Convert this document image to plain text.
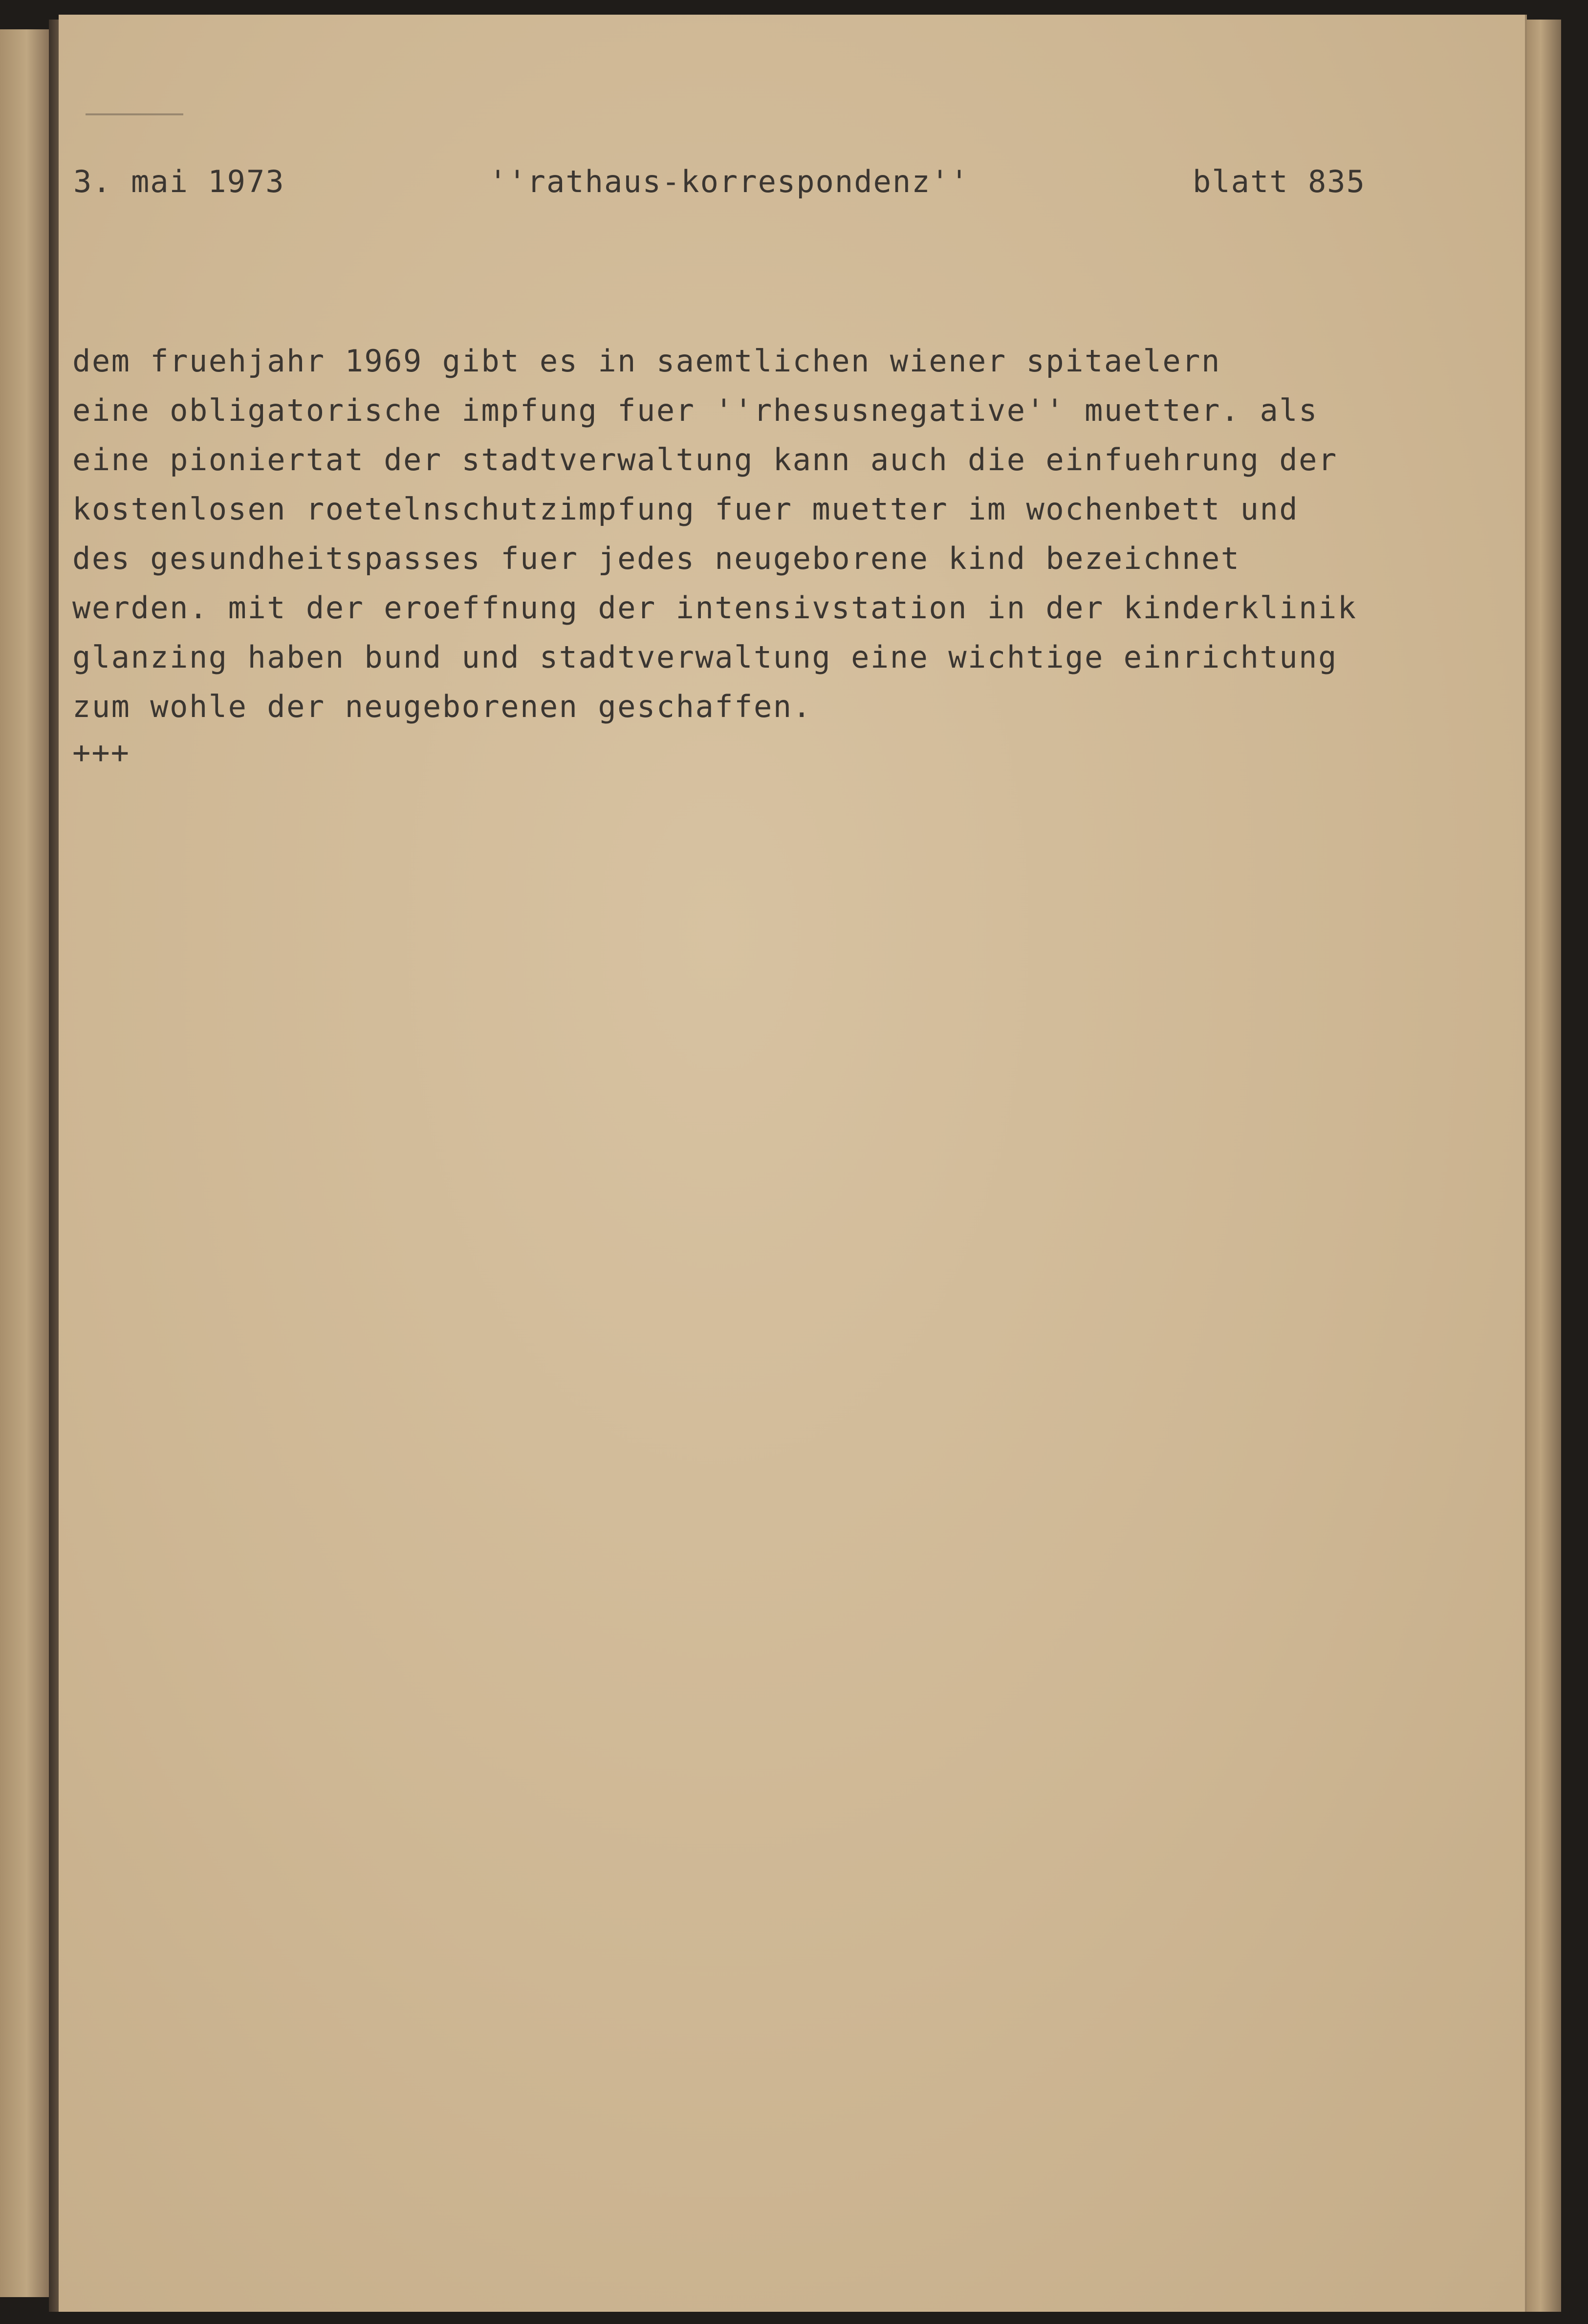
3. mai 1973	''rathaus-korrespondenz''	blatt 835
dem fruehjahr 1969 gibt es in saemtlichen wiener spitaelern
eine obligatorische impfung fuer ''rhesusnegative'' muetter. als
eine pioniertat der stadtverwaltung kann auch die einfuehrung der
kostenlosen roetelnschutzimpfung fuer muetter im wochenbett und
des gesundheitspasses fuer jedes neugeborene kind bezeichnet
werden. mit der eroeffnung der intensivstation in der kinderklinik
glanzing haben bund und stadtverwaltung eine wichtige einrichtung
zum wohle der neugeborenen geschaffen.
+++
